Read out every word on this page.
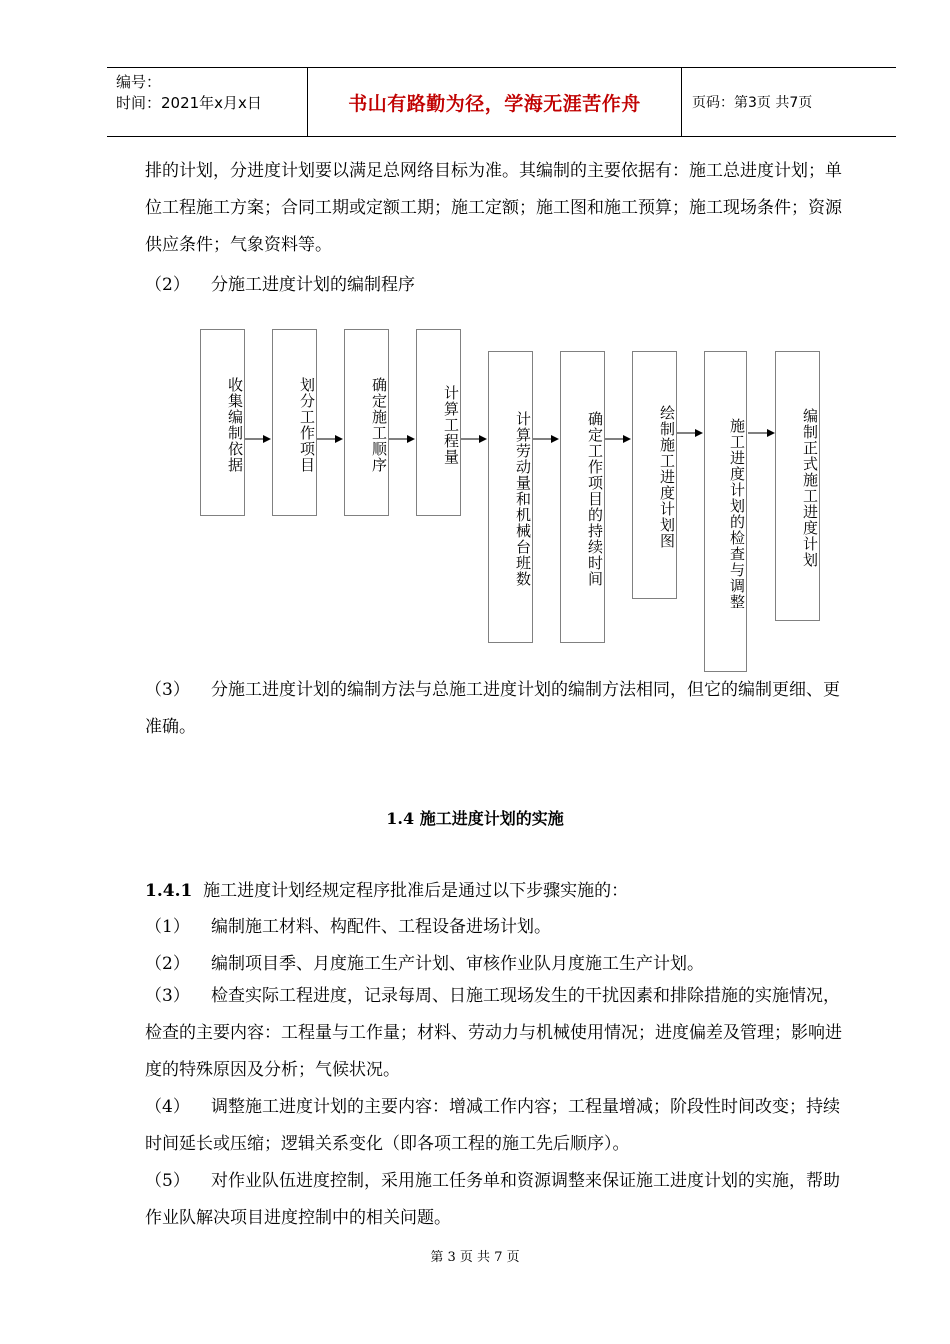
编号：
时间：2021年x月x日	书山有路勤为径，学海无涯苦作舟	页码：第3页 共7页

排的计划，分进度计划要以满足总网络目标为准。其编制的主要依据有：施工总进度计划；单位工程施工方案；合同工期或定额工期；施工定额；施工图和施工预算；施工现场条件；资源供应条件；气象资料等。

（2） 分施工进度计划的编制程序
收集编制依据	划分工作项目	确定施工顺序	计算工程量	计算劳动量和机械台班数	确定工作项目的持续时间	绘制施工进度计划图	施工进度计划的检查与调整	编制正式施工进度计划

（3） 分施工进度计划的编制方法与总施工进度计划的编制方法相同，但它的编制更细、更准确。

1.4 施工进度计划的实施
1.4.1 施工进度计划经规定程序批准后是通过以下步骤实施的：
（1） 编制施工材料、构配件、工程设备进场计划。
（2） 编制项目季、月度施工生产计划、审核作业队月度施工生产计划。

（3） 检查实际工程进度，记录每周、日施工现场发生的干扰因素和排除措施的实施情况，检查的主要内容：工程量与工作量；材料、劳动力与机械使用情况；进度偏差及管理；影响进度的特殊原因及分析；气候状况。

（4） 调整施工进度计划的主要内容：增减工作内容；工程量增减；阶段性时间改变；持续时间延长或压缩；逻辑关系变化（即各项工程的施工先后顺序）。

（5） 对作业队伍进度控制，采用施工任务单和资源调整来保证施工进度计划的实施，帮助作业队解决项目进度控制中的相关问题。

第 3 页 共 7 页
